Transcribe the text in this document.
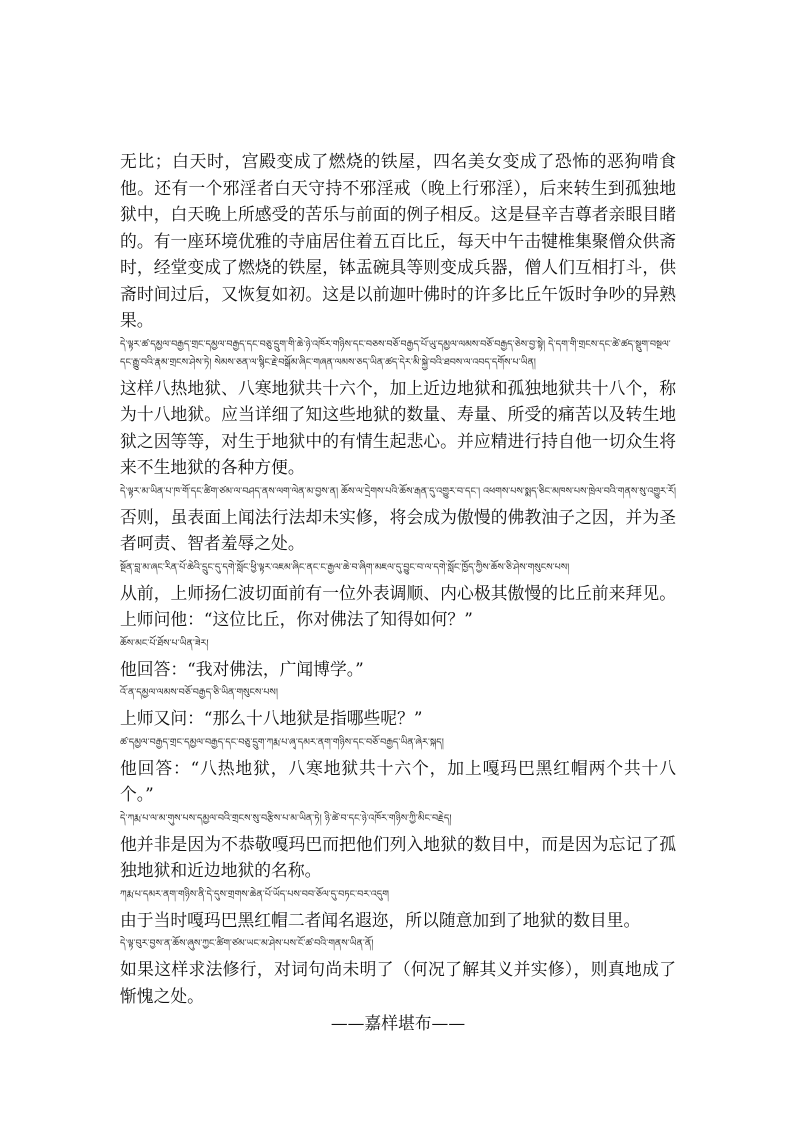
无比；白天时，宫殿变成了燃烧的铁屋，四名美女变成了恐怖的恶狗啃食他。还有一个邪淫者白天守持不邪淫戒（晚上行邪淫），后来转生到孤独地狱中，白天晚上所感受的苦乐与前面的例子相反。这是昼辛吉尊者亲眼目睹的。有一座环境优雅的寺庙居住着五百比丘，每天中午击犍椎集聚僧众供斋时，经堂变成了燃烧的铁屋，钵盂碗具等则变成兵器，僧人们互相打斗，供斋时间过后，又恢复如初。这是以前迦叶佛时的许多比丘午饭时争吵的异熟果。

དེ་ལྟར་ཚ་དམྱལ་བརྒྱད་གྲང་དམྱལ་བརྒྱད་དང་བཅུ་དྲུག་གི་ཆེ་ཉེ་འཁོར་གཉིས་དང་བཅས་བཅོ་བརྒྱད་པོ་ཡུ་དམྱལ་ལམས་བཅོ་བརྒྱད་ཅེས་བྱ་སྟེ། དེ་དག་གི་གྲངས་དང་ཚེ་ཚད་སྡུག་བསྔལ་དང་རྒྱུ་བའི་རྣམ་གྲངས་ཤེས་ཏེ། སེམས་ཅན་ལ་སྙིང་རྗེ་བསྒོམ་ཞིང་གཞན་ལམས་ཅད་ཡིན་ཚད་དེར་མི་སྐྱེ་བའི་ཐབས་ལ་འབད་དགོས་པ་ཡིན།

这样八热地狱、八寒地狱共十六个，加上近边地狱和孤独地狱共十八个，称为十八地狱。应当详细了知这些地狱的数量、寿量、所受的痛苦以及转生地狱之因等等，对生于地狱中的有情生起悲心。并应精进行持自他一切众生将来不生地狱的各种方便。

དེ་ལྟར་མ་ཡིན་པ་ཁ་གོ་དང་ཚིག་ཙམ་ལ་བཤད་ནས་ལག་ལེན་མ་བྱས་ན། ཆོས་ལ་དྲེགས་པའི་ཆོས་རྒན་དུ་འགྱུར་བ་དང་། འཕགས་པས་སྨད་ཅིང་མཁས་པས་ཁྲེལ་བའི་གནས་སུ་འགྱུར་རོ།

否则，虽表面上闻法行法却未实修，将会成为傲慢的佛教油子之因，并为圣者呵责、智者羞辱之处。

སྔོན་བླ་མ་ཞང་རིན་པོ་ཆེའི་དྲུང་དུ་དགེ་སློང་ཕྱི་ལྟར་འཇམ་ཞིང་ནང་ང་རྒྱལ་ཆེ་བ་ཞིག་མཇལ་དུ་བྱུང་བ་ལ་དགེ་སློང་ཁྱོད་ཀྱིས་ཆོས་ཅི་ཤེས་གསུངས་པས།

从前，上师扬仁波切面前有一位外表调顺、内心极其傲慢的比丘前来拜见。上师问他：“这位比丘，你对佛法了知得如何？”

ཆོས་མང་པོ་ཐོས་པ་ཡིན་ཟེར།

他回答：“我对佛法，广闻博学。”

འོ་ན་དམྱལ་ལམས་བཅོ་བརྒྱད་ཅི་ཡིན་གསུངས་པས།

上师又问：“那么十八地狱是指哪些呢？”

ཚ་དམྱལ་བརྒྱད་གྲང་དམྱལ་བརྒྱད་དང་བཅུ་དྲུག་ཀརྨ་པ་ཞྭ་དམར་ནག་གཉིས་དང་བཅོ་བརྒྱད་ཡིན་ཞེར་སྐད།

他回答：“八热地狱，八寒地狱共十六个，加上嘎玛巴黑红帽两个共十八个。”

དེ་ཀརྨ་པ་ལ་མ་གུས་པས་དམྱལ་བའི་གྲངས་སུ་བརྩིས་པ་མ་ཡིན་ཏེ། ཉི་ཚེ་བ་དང་ཉེ་འཁོར་གཉིས་ཀྱི་མིང་བརྗེད།

他并非是因为不恭敬嘎玛巴而把他们列入地狱的数目中，而是因为忘记了孤独地狱和近边地狱的名称。

ཀརྨ་པ་དམར་ནག་གཉིས་ནི་དེ་དུས་གྲགས་ཆེན་པོ་ཡོད་པས་བབ་ཅོལ་དུ་བཏང་བར་འདུག

由于当时嘎玛巴黑红帽二者闻名遐迩，所以随意加到了地狱的数目里。

དེ་ལྟ་བུར་བྱས་ན་ཆོས་ཞུས་ཀྱང་ཚིག་ཙམ་ཡང་མ་ཤེས་པས་ངོ་ཚ་བའི་གནས་ཡིན་ནོ།

如果这样求法修行，对词句尚未明了（何况了解其义并实修），则真地成了惭愧之处。

——嘉样堪布——
